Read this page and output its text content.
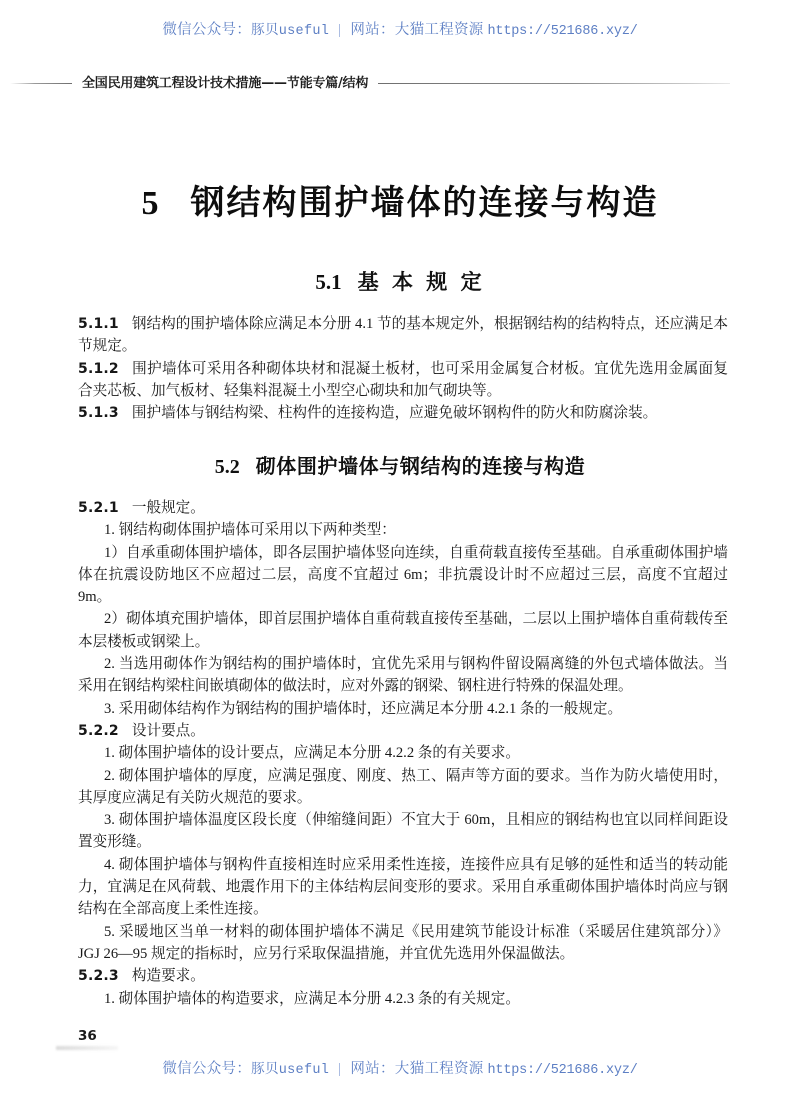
微信公众号：豚贝useful | 网站：大猫工程资源 https://521686.xyz/
全国民用建筑工程设计技术措施——节能专篇/结构
5 钢结构围护墙体的连接与构造
5.1 基 本 规 定

5.1.1 钢结构的围护墙体除应满足本分册 4.1 节的基本规定外，根据钢结构的结构特点，还应满足本节规定。

5.1.2 围护墙体可采用各种砌体块材和混凝土板材，也可采用金属复合材板。宜优先选用金属面复合夹芯板、加气板材、轻集料混凝土小型空心砌块和加气砌块等。

5.1.3 围护墙体与钢结构梁、柱构件的连接构造，应避免破坏钢构件的防火和防腐涂装。

5.2 砌体围护墙体与钢结构的连接与构造

5.2.1 一般规定。

1. 钢结构砌体围护墙体可采用以下两种类型：

1）自承重砌体围护墙体，即各层围护墙体竖向连续，自重荷载直接传至基础。自承重砌体围护墙体在抗震设防地区不应超过二层，高度不宜超过 6m；非抗震设计时不应超过三层，高度不宜超过 9m。

2）砌体填充围护墙体，即首层围护墙体自重荷载直接传至基础，二层以上围护墙体自重荷载传至本层楼板或钢梁上。

2. 当选用砌体作为钢结构的围护墙体时，宜优先采用与钢构件留设隔离缝的外包式墙体做法。当采用在钢结构梁柱间嵌填砌体的做法时，应对外露的钢梁、钢柱进行特殊的保温处理。

3. 采用砌体结构作为钢结构的围护墙体时，还应满足本分册 4.2.1 条的一般规定。

5.2.2 设计要点。

1. 砌体围护墙体的设计要点，应满足本分册 4.2.2 条的有关要求。

2. 砌体围护墙体的厚度，应满足强度、刚度、热工、隔声等方面的要求。当作为防火墙使用时，其厚度应满足有关防火规范的要求。

3. 砌体围护墙体温度区段长度（伸缩缝间距）不宜大于 60m，且相应的钢结构也宜以同样间距设置变形缝。

4. 砌体围护墙体与钢构件直接相连时应采用柔性连接，连接件应具有足够的延性和适当的转动能力，宜满足在风荷载、地震作用下的主体结构层间变形的要求。采用自承重砌体围护墙体时尚应与钢结构在全部高度上柔性连接。

5. 采暖地区当单一材料的砌体围护墙体不满足《民用建筑节能设计标准（采暖居住建筑部分）》JGJ 26—95 规定的指标时，应另行采取保温措施，并宜优先选用外保温做法。

5.2.3 构造要求。

1. 砌体围护墙体的构造要求，应满足本分册 4.2.3 条的有关规定。

36
微信公众号：豚贝useful | 网站：大猫工程资源 https://521686.xyz/
